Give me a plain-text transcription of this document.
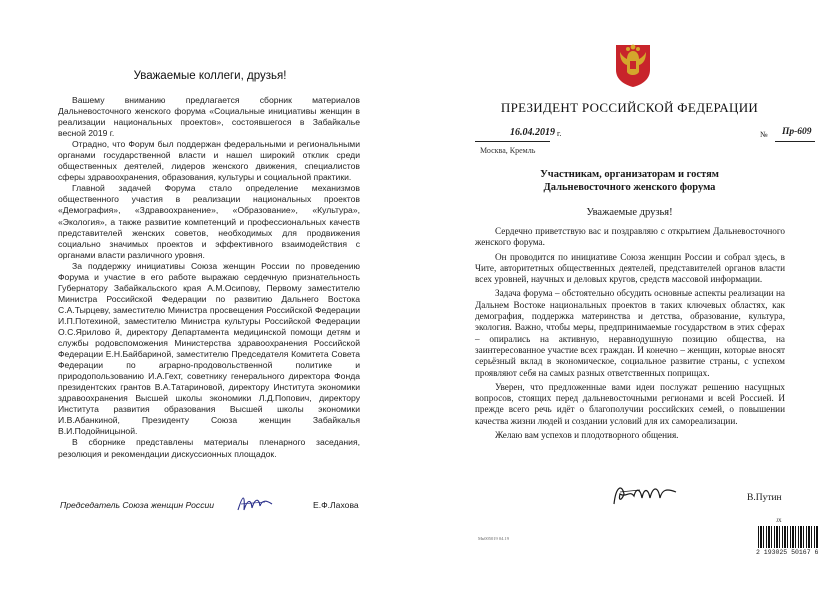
Уважаемые коллеги, друзья!

Вашему вниманию предлагается сборник материалов Дальневосточного женского форума «Социальные инициативы женщин в реализации национальных проектов», состоявшегося в Забайкалье весной 2019 г.

Отрадно, что Форум был поддержан федеральными и региональными органами государственной власти и нашел широкий отклик среди общественных деятелей, лидеров женского движения, специалистов сферы здравоохранения, образования, культуры и социальной практики.

Главной задачей Форума стало определение механизмов общественного участия в реализации национальных проектов «Демография», «Здравоохранение», «Образование», «Культура», «Экология», а также развитие компетенций и профессиональных качеств представителей женских советов, необходимых для продвижения социально значимых проектов и эффективного взаимодействия с органами власти различного уровня.

За поддержку инициативы Союза женщин России по проведению Форума и участие в его работе выражаю сердечную признательность Губернатору Забайкальского края А.М.Осипову, Первому заместителю Министра Российской Федерации по развитию Дальнего Востока С.А.Тырцеву, заместителю Министра просвещения Российской Федерации И.П.Потехиной, заместителю Министра культуры Российской Федерации О.С.Ярилово й, директору Департамента медицинской помощи детям и службы родовспоможения Министерства здравоохранения Российской Федерации Е.Н.Байбариной, заместителю Председателя Комитета Совета Федерации по аграрно-продовольственной политике и природопользованию И.А.Гехт, советнику генерального директора Фонда президентских грантов В.А.Татариновой, директору Института экономики здравоохранения Высшей школы экономики Л.Д.Попович, директору Института развития образования Высшей школы экономики И.В.Абанкиной, Президенту Союза женщин Забайкалья В.И.Подойницыной.

В сборнике представлены материалы пленарного заседания, резолюция и рекомендации дискуссионных площадок.

Председатель Союза женщин России	Е.Ф.Лахова
ПРЕЗИДЕНТ РОССИЙСКОЙ ФЕДЕРАЦИИ
16.04.2019 г.	№ Пр-609
Москва, Кремль
Участникам, организаторам и гостям
Дальневосточного женского форума
Уважаемые друзья!

Сердечно приветствую вас и поздравляю с открытием Дальневосточного женского форума.

Он проводится по инициативе Союза женщин России и собрал здесь, в Чите, авторитетных общественных деятелей, представителей органов власти всех уровней, научных и деловых кругов, средств массовой информации.

Задача форума – обстоятельно обсудить основные аспекты реализации на Дальнем Востоке национальных проектов в таких ключевых областях, как демография, поддержка материнства и детства, образование, культура, экология. Важно, чтобы меры, предпринимаемые государством в этих сферах – опирались на активную, неравнодушную позицию общества, на заинтересованное участие всех граждан. И конечно – женщин, которые вносят серьёзный вклад в экономическое, социальное развитие страны, с успехом проявляют себя на самых разных ответственных поприщах.

Уверен, что предложенные вами идеи послужат решению насущных вопросов, стоящих перед дальневосточными регионами и всей Россией. И прежде всего речь идёт о благополучии российских семей, о повышении качества жизни людей и создании условий для их самореализации.

Желаю вам успехов и плодотворного общения.

В.Путин
Мк005019 04.19
JX
2 193025 50167 6
